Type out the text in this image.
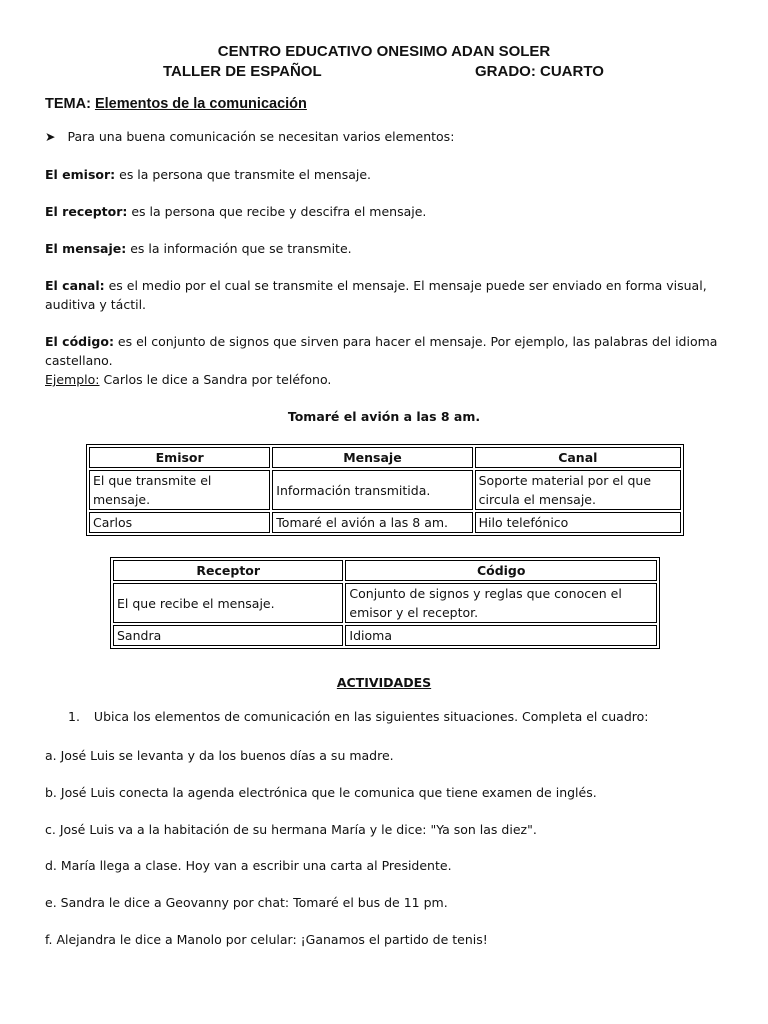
CENTRO EDUCATIVO ONESIMO ADAN SOLER
TALLER DE ESPAÑOL	GRADO: CUARTO
TEMA: Elementos de la comunicación
➤ Para una buena comunicación se necesitan varios elementos:
El emisor: es la persona que transmite el mensaje.
El receptor: es la persona que recibe y descifra el mensaje.
El mensaje: es la información que se transmite.
El canal: es el medio por el cual se transmite el mensaje. El mensaje puede ser enviado en forma visual, auditiva y táctil.
El código: es el conjunto de signos que sirven para hacer el mensaje. Por ejemplo, las palabras del idioma castellano.
Ejemplo: Carlos le dice a Sandra por teléfono.
Tomaré el avión a las 8 am.
Emisor	Mensaje	Canal
El que transmite el mensaje.	Información transmitida.	Soporte material por el que circula el mensaje.
Carlos	Tomaré el avión a las 8 am.	Hilo telefónico
Receptor	Código
El que recibe el mensaje.	Conjunto de signos y reglas que conocen el emisor y el receptor.
Sandra	Idioma
ACTIVIDADES
1. Ubica los elementos de comunicación en las siguientes situaciones. Completa el cuadro:
a. José Luis se levanta y da los buenos días a su madre.
b. José Luis conecta la agenda electrónica que le comunica que tiene examen de inglés.
c. José Luis va a la habitación de su hermana María y le dice: "Ya son las diez".
d. María llega a clase. Hoy van a escribir una carta al Presidente.
e. Sandra le dice a Geovanny por chat: Tomaré el bus de 11 pm.
f. Alejandra le dice a Manolo por celular: ¡Ganamos el partido de tenis!
